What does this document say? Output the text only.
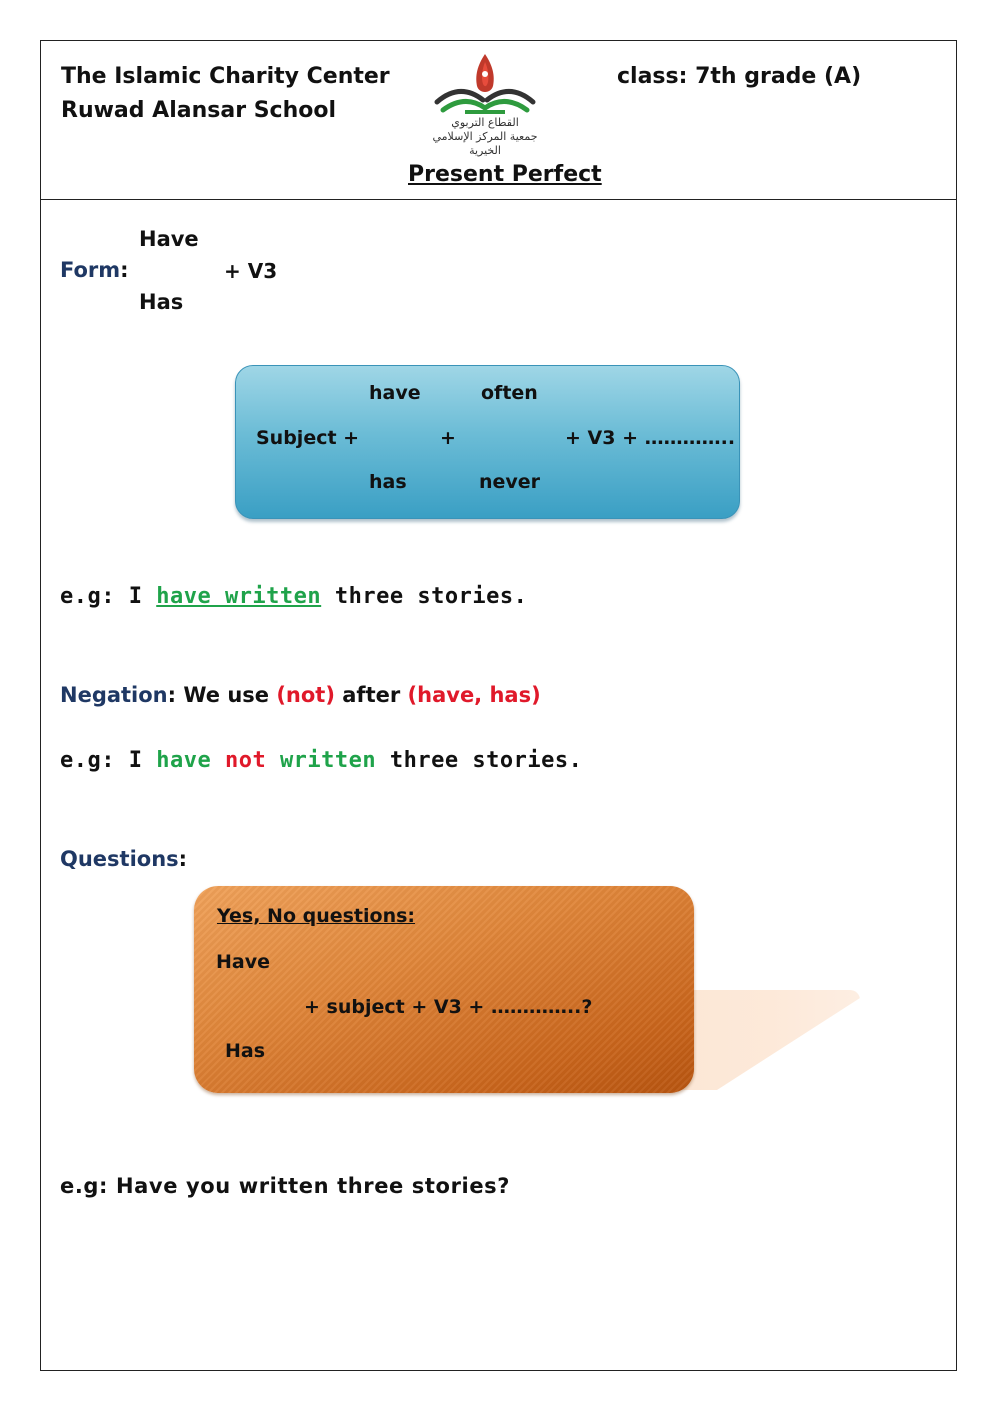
The Islamic Charity Center
Ruwad Alansar School
class: 7th grade (A)
القطاع التربوي
جمعية المركز الإسلامي الخيرية
Present Perfect
Have
Form:	+ V3
Has
have	often
Subject +	+	+ V3 + …………..
has	never
e.g: I have written three stories.
Negation: We use (not) after (have, has)
e.g: I have not written three stories.
Questions:
Yes, No questions:
Have
+ subject + V3 + …………..?
Has
e.g: Have you written three stories?
